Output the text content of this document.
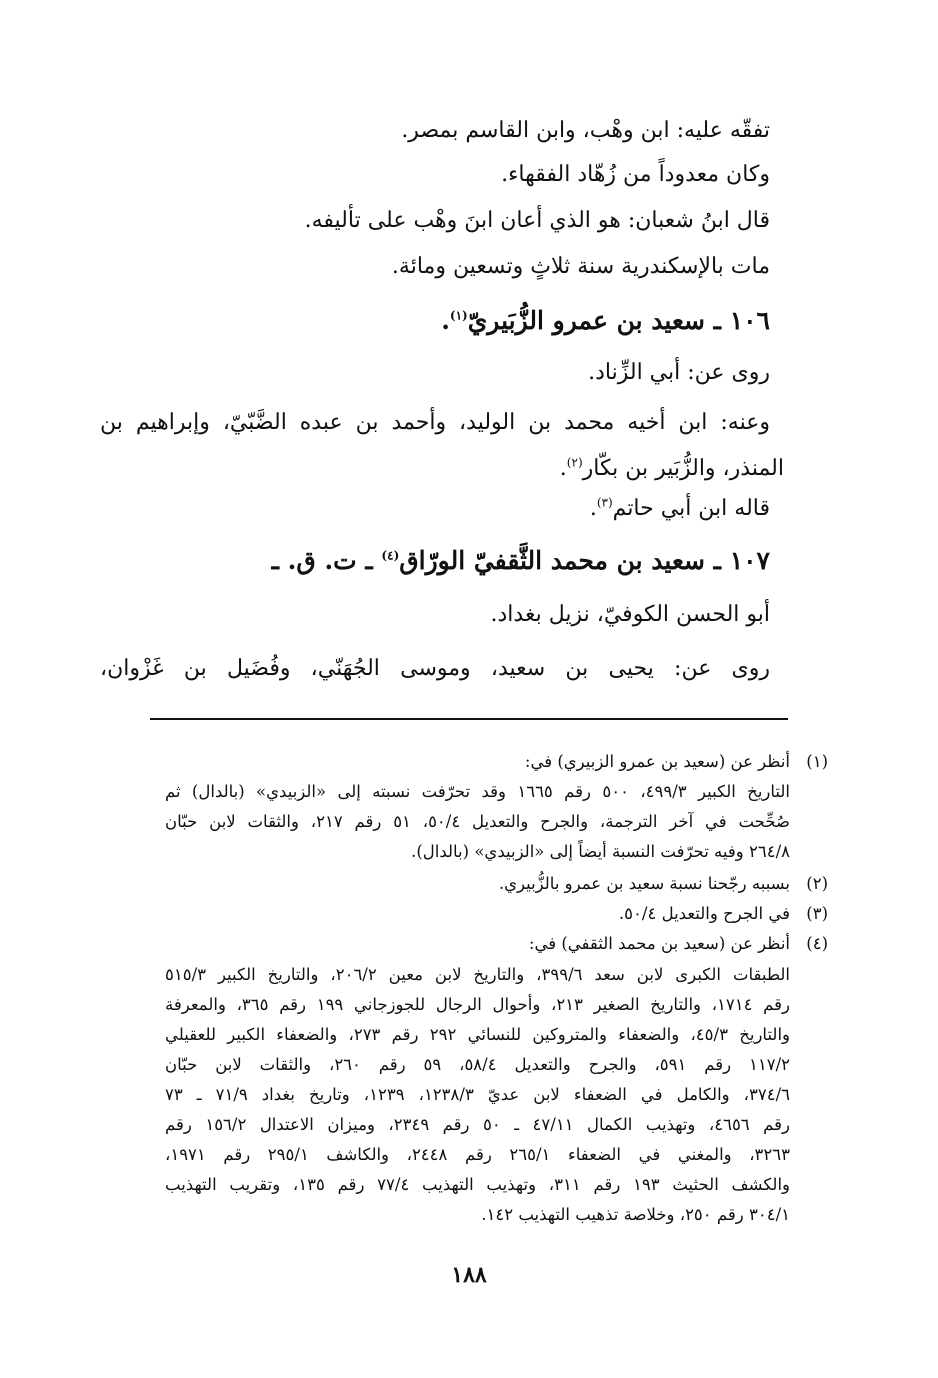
تفقّه عليه: ابن وهْب، وابن القاسم بمصر.
وكان معدوداً من زُهّاد الفقهاء.
قال ابنُ شعبان: هو الذي أعان ابنَ وهْب على تأليفه.
مات بالإسكندرية سنة ثلاثٍ وتسعين ومائة.
١٠٦ ـ سعيد بن عمرو الزُّبَيريّ$^{(١)}$.
روى عن: أبي الزِّناد.
وعنه: ابن أخيه محمد بن الوليد، وأحمد بن عبده الضَّبّيّ، وإبراهيم بن
المنذر، والزُّبَير بن بكّار$^{(٢)}$.
قاله ابن أبي حاتم$^{(٣)}$.
١٠٧ ـ سعيد بن محمد الثَّقفيّ الورّاق$^{(٤)}$ ـ ت. ق. ـ
أبو الحسن الكوفيّ، نزيل بغداد.
روى عن: يحيى بن سعيد، وموسى الجُهَنّي، وفُضَيل بن غَزْوان،
(١)
أنظر عن (سعيد بن عمرو الزبيري) في:
التاريخ الكبير ٤٩٩/٣، ٥٠٠ رقم ١٦٦٥ وقد تحرّفت نسبته إلى «الزبيدي» (بالدال) ثم
صُحِّحت في آخر الترجمة، والجرح والتعديل ٥٠/٤، ٥١ رقم ٢١٧، والثقات لابن حبّان
٢٦٤/٨ وفيه تحرّفت النسبة أيضاً إلى «الزبيدي» (بالدال).
(٢)
بسببه رجّحنا نسبة سعيد بن عمرو بالزُّبيري.
(٣)
في الجرح والتعديل ٥٠/٤.
(٤)
أنظر عن (سعيد بن محمد الثقفي) في:
الطبقات الكبرى لابن سعد ٣٩٩/٦، والتاريخ لابن معين ٢٠٦/٢، والتاريخ الكبير ٥١٥/٣
رقم ١٧١٤، والتاريخ الصغير ٢١٣، وأحوال الرجال للجوزجاني ١٩٩ رقم ٣٦٥، والمعرفة
والتاريخ ٤٥/٣، والضعفاء والمتروكين للنسائي ٢٩٢ رقم ٢٧٣، والضعفاء الكبير للعقيلي
١١٧/٢ رقم ٥٩١، والجرح والتعديل ٥٨/٤، ٥٩ رقم ٢٦٠، والثقات لابن حبّان
٣٧٤/٦، والكامل في الضعفاء لابن عديّ ١٢٣٨/٣، ١٢٣٩، وتاريخ بغداد ٧١/٩ ـ ٧٣
رقم ٤٦٥٦، وتهذيب الكمال ٤٧/١١ ـ ٥٠ رقم ٢٣٤٩، وميزان الاعتدال ١٥٦/٢ رقم
٣٢٦٣، والمغني في الضعفاء ٢٦٥/١ رقم ٢٤٤٨، والكاشف ٢٩٥/١ رقم ١٩٧١،
والكشف الحثيث ١٩٣ رقم ٣١١، وتهذيب التهذيب ٧٧/٤ رقم ١٣٥، وتقريب التهذيب
٣٠٤/١ رقم ٢٥٠، وخلاصة تذهيب التهذيب ١٤٢.
١٨٨
